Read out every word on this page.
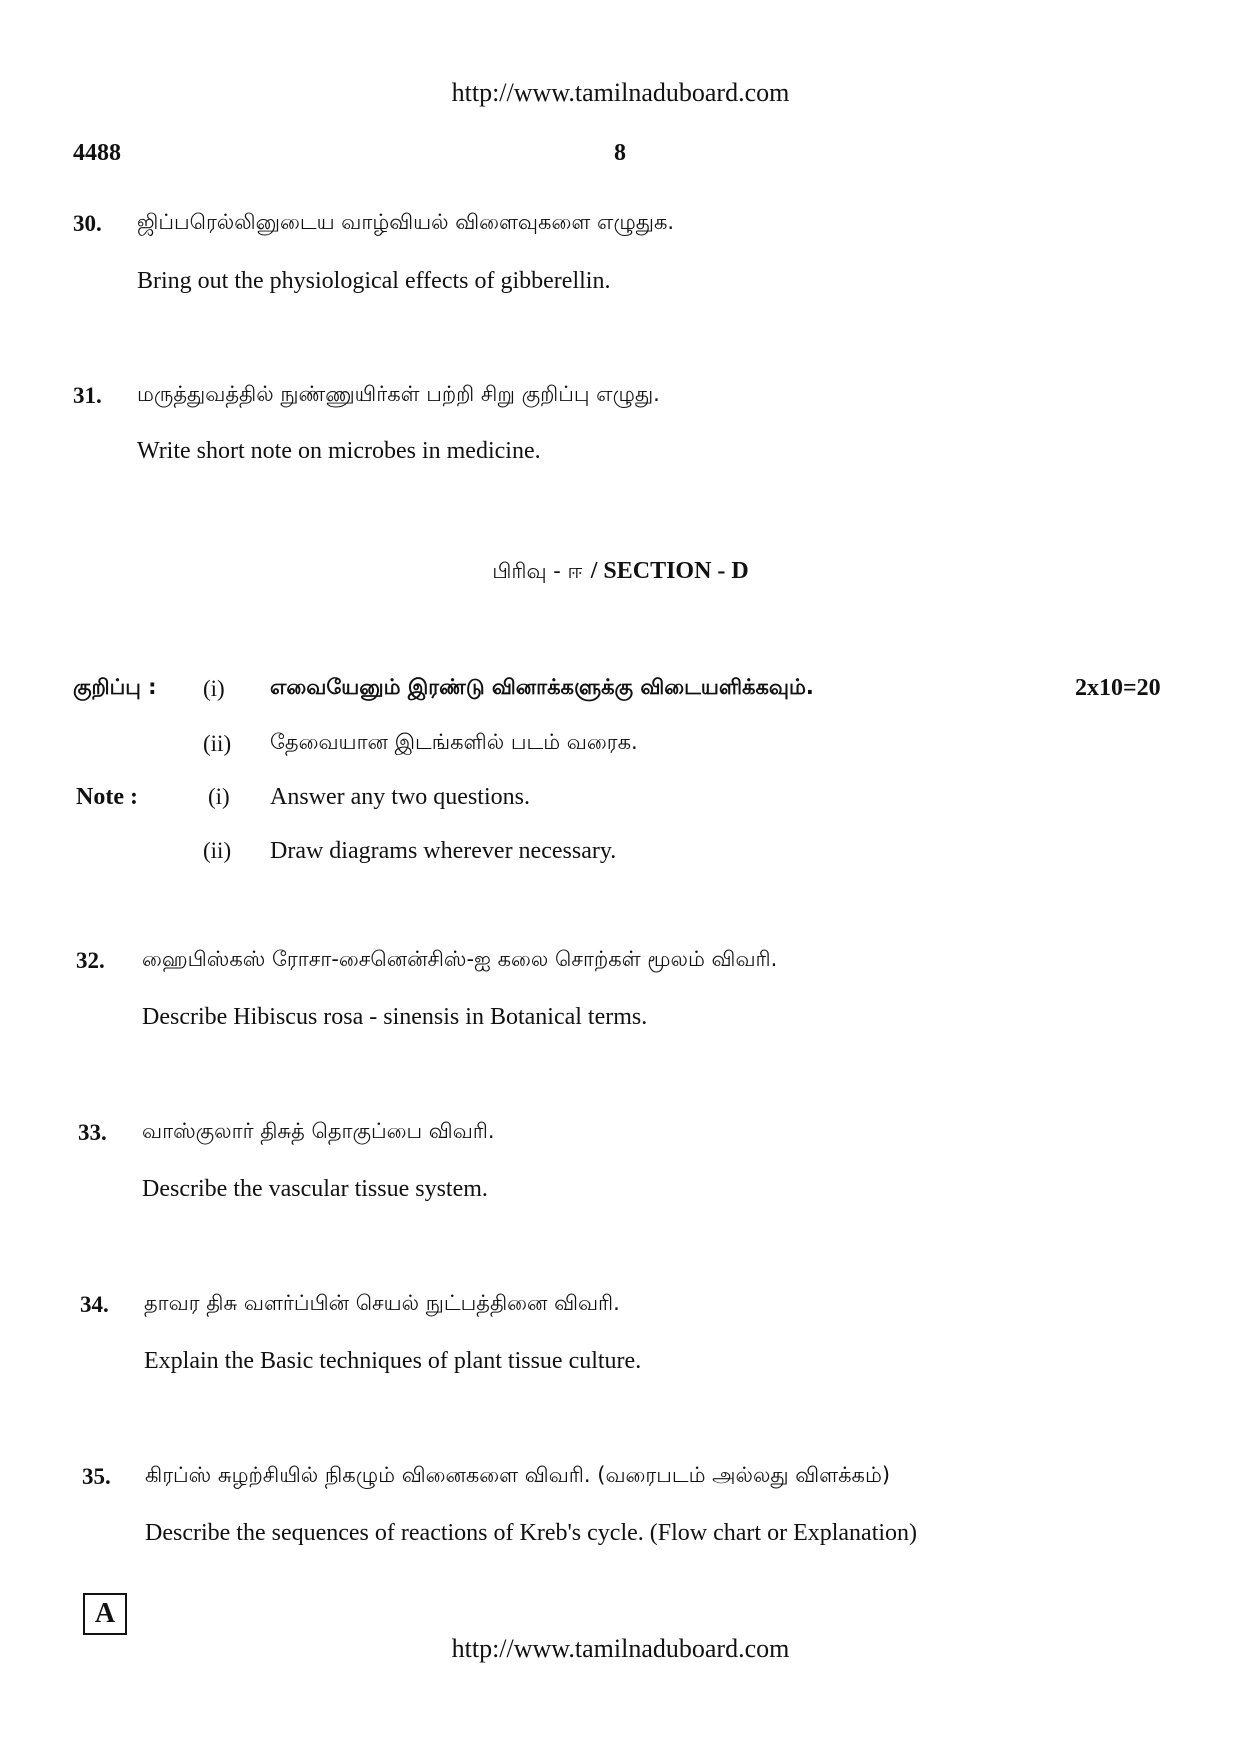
http://www.tamilnaduboard.com
4488	8
30. ஜிப்பரெல்லினுடைய வாழ்வியல் விளைவுகளை எழுதுக.
Bring out the physiological effects of gibberellin.
31. மருத்துவத்தில் நுண்ணுயிர்கள் பற்றி சிறு குறிப்பு எழுது.
Write short note on microbes in medicine.
பிரிவு - ஈ / SECTION - D
குறிப்பு : (i) எவையேனும் இரண்டு வினாக்களுக்கு விடையளிக்கவும்.	2x10=20
(ii) தேவையான இடங்களில் படம் வரைக.
Note :	(i) Answer any two questions.
(ii) Draw diagrams wherever necessary.
32. ஹைபிஸ்கஸ் ரோசா-சைனென்சிஸ்-ஐ கலை சொற்கள் மூலம் விவரி.
Describe Hibiscus rosa - sinensis in Botanical terms.
33. வாஸ்குலார் திசுத் தொகுப்பை விவரி.
Describe the vascular tissue system.
34. தாவர திசு வளர்ப்பின் செயல் நுட்பத்தினை விவரி.
Explain the Basic techniques of plant tissue culture.
35. கிரப்ஸ் சுழற்சியில் நிகழும் வினைகளை விவரி. (வரைபடம் அல்லது விளக்கம்)
Describe the sequences of reactions of Kreb's cycle. (Flow chart or Explanation)
A
http://www.tamilnaduboard.com
